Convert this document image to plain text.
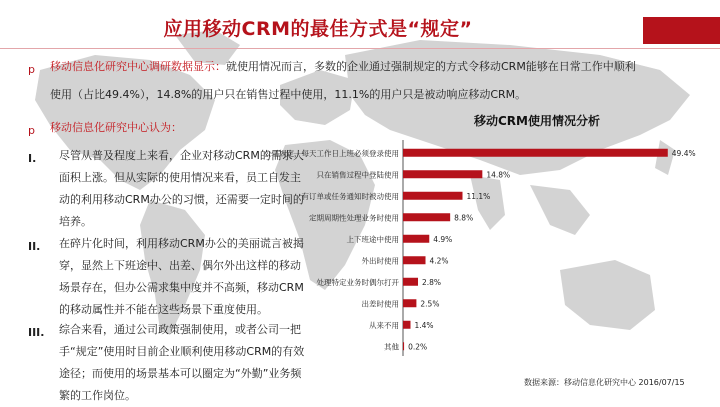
应用移动CRM的最佳方式是“规定”
p 移动信息化研究中心调研数据显示：就使用情况而言，多数的企业通过强制规定的方式令移动CRM能够在日常工作中顺利
使用（占比49.4%），14.8%的用户只在销售过程中使用，11.1%的用户只是被动响应移动CRM。
p 移动信息化研究中心认为：
I. 尽管从普及程度上来看，企业对移动CRM的需求大
面积上涨。但从实际的使用情况来看，员工自发主
动的利用移动CRM办公的习惯，还需要一定时间的
培养。
II. 在碎片化时间，利用移动CRM办公的美丽谎言被揭
穿，显然上下班途中、出差、偶尔外出这样的移动
场景存在，但办公需求集中度并不高频，移动CRM
的移动属性并不能在这些场景下重度使用。
III. 综合来看，通过公司政策强制使用，或者公司一把
手“规定”使用时目前企业顺利使用移动CRM的有效
途径；而使用的场景基本可以圈定为“外勤”业务频
繁的工作岗位。
移动CRM使用情况分析
公司规定，每天工作日上班必须登录使用	49.4%
只在销售过程中登陆使用	14.8%
有订单或任务通知时被动使用	11.1%
定期周期性处理业务时使用	8.8%
上下班途中使用	4.9%
外出时使用	4.2%
处理特定业务时偶尔打开	2.8%
出差时使用	2.5%
从来不用 1.4%
其他 0.2%
数据来源：移动信息化研究中心 2016/07/15
